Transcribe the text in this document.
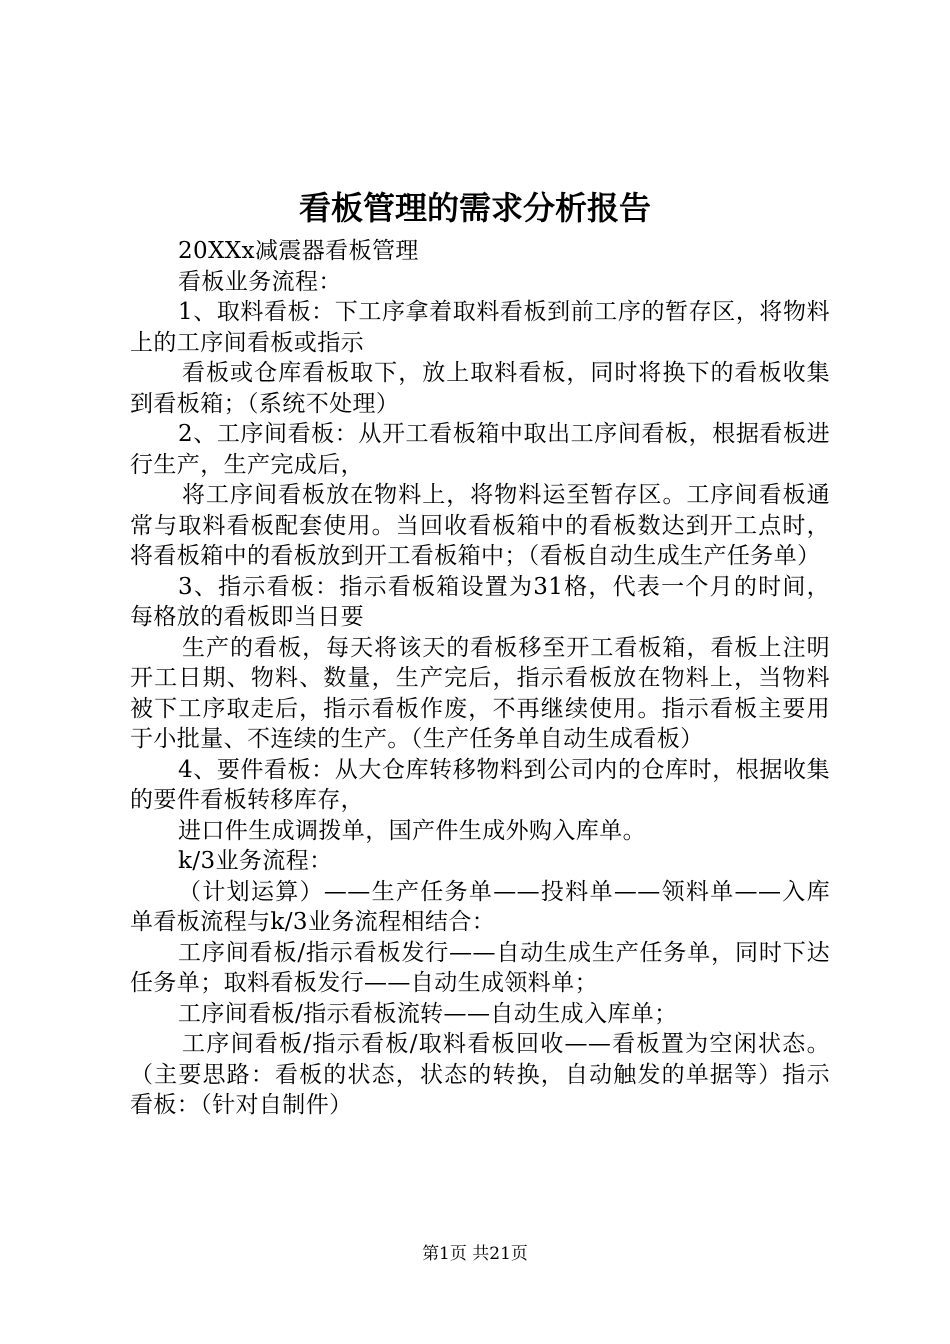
看板管理的需求分析报告

20XXx减震器看板管理

看板业务流程：

1、取料看板：下工序拿着取料看板到前工序的暂存区，将物料上的工序间看板或指示

看板或仓库看板取下，放上取料看板，同时将换下的看板收集到看板箱；（系统不处理）

2、工序间看板：从开工看板箱中取出工序间看板，根据看板进行生产，生产完成后，

将工序间看板放在物料上，将物料运至暂存区。工序间看板通常与取料看板配套使用。当回收看板箱中的看板数达到开工点时，将看板箱中的看板放到开工看板箱中；（看板自动生成生产任务单）

3、指示看板：指示看板箱设置为31格，代表一个月的时间，每格放的看板即当日要

生产的看板，每天将该天的看板移至开工看板箱，看板上注明开工日期、物料、数量，生产完后，指示看板放在物料上，当物料被下工序取走后，指示看板作废，不再继续使用。指示看板主要用于小批量、不连续的生产。（生产任务单自动生成看板）

4、要件看板：从大仓库转移物料到公司内的仓库时，根据收集的要件看板转移库存，

进口件生成调拨单，国产件生成外购入库单。

k/3业务流程：

（计划运算）——生产任务单——投料单——领料单——入库单看板流程与k/3业务流程相结合：

工序间看板/指示看板发行——自动生成生产任务单，同时下达任务单；取料看板发行——自动生成领料单；

工序间看板/指示看板流转——自动生成入库单；

工序间看板/指示看板/取料看板回收——看板置为空闲状态。（主要思路：看板的状态，状态的转换，自动触发的单据等）指示看板：（针对自制件）

第1页 共21页
